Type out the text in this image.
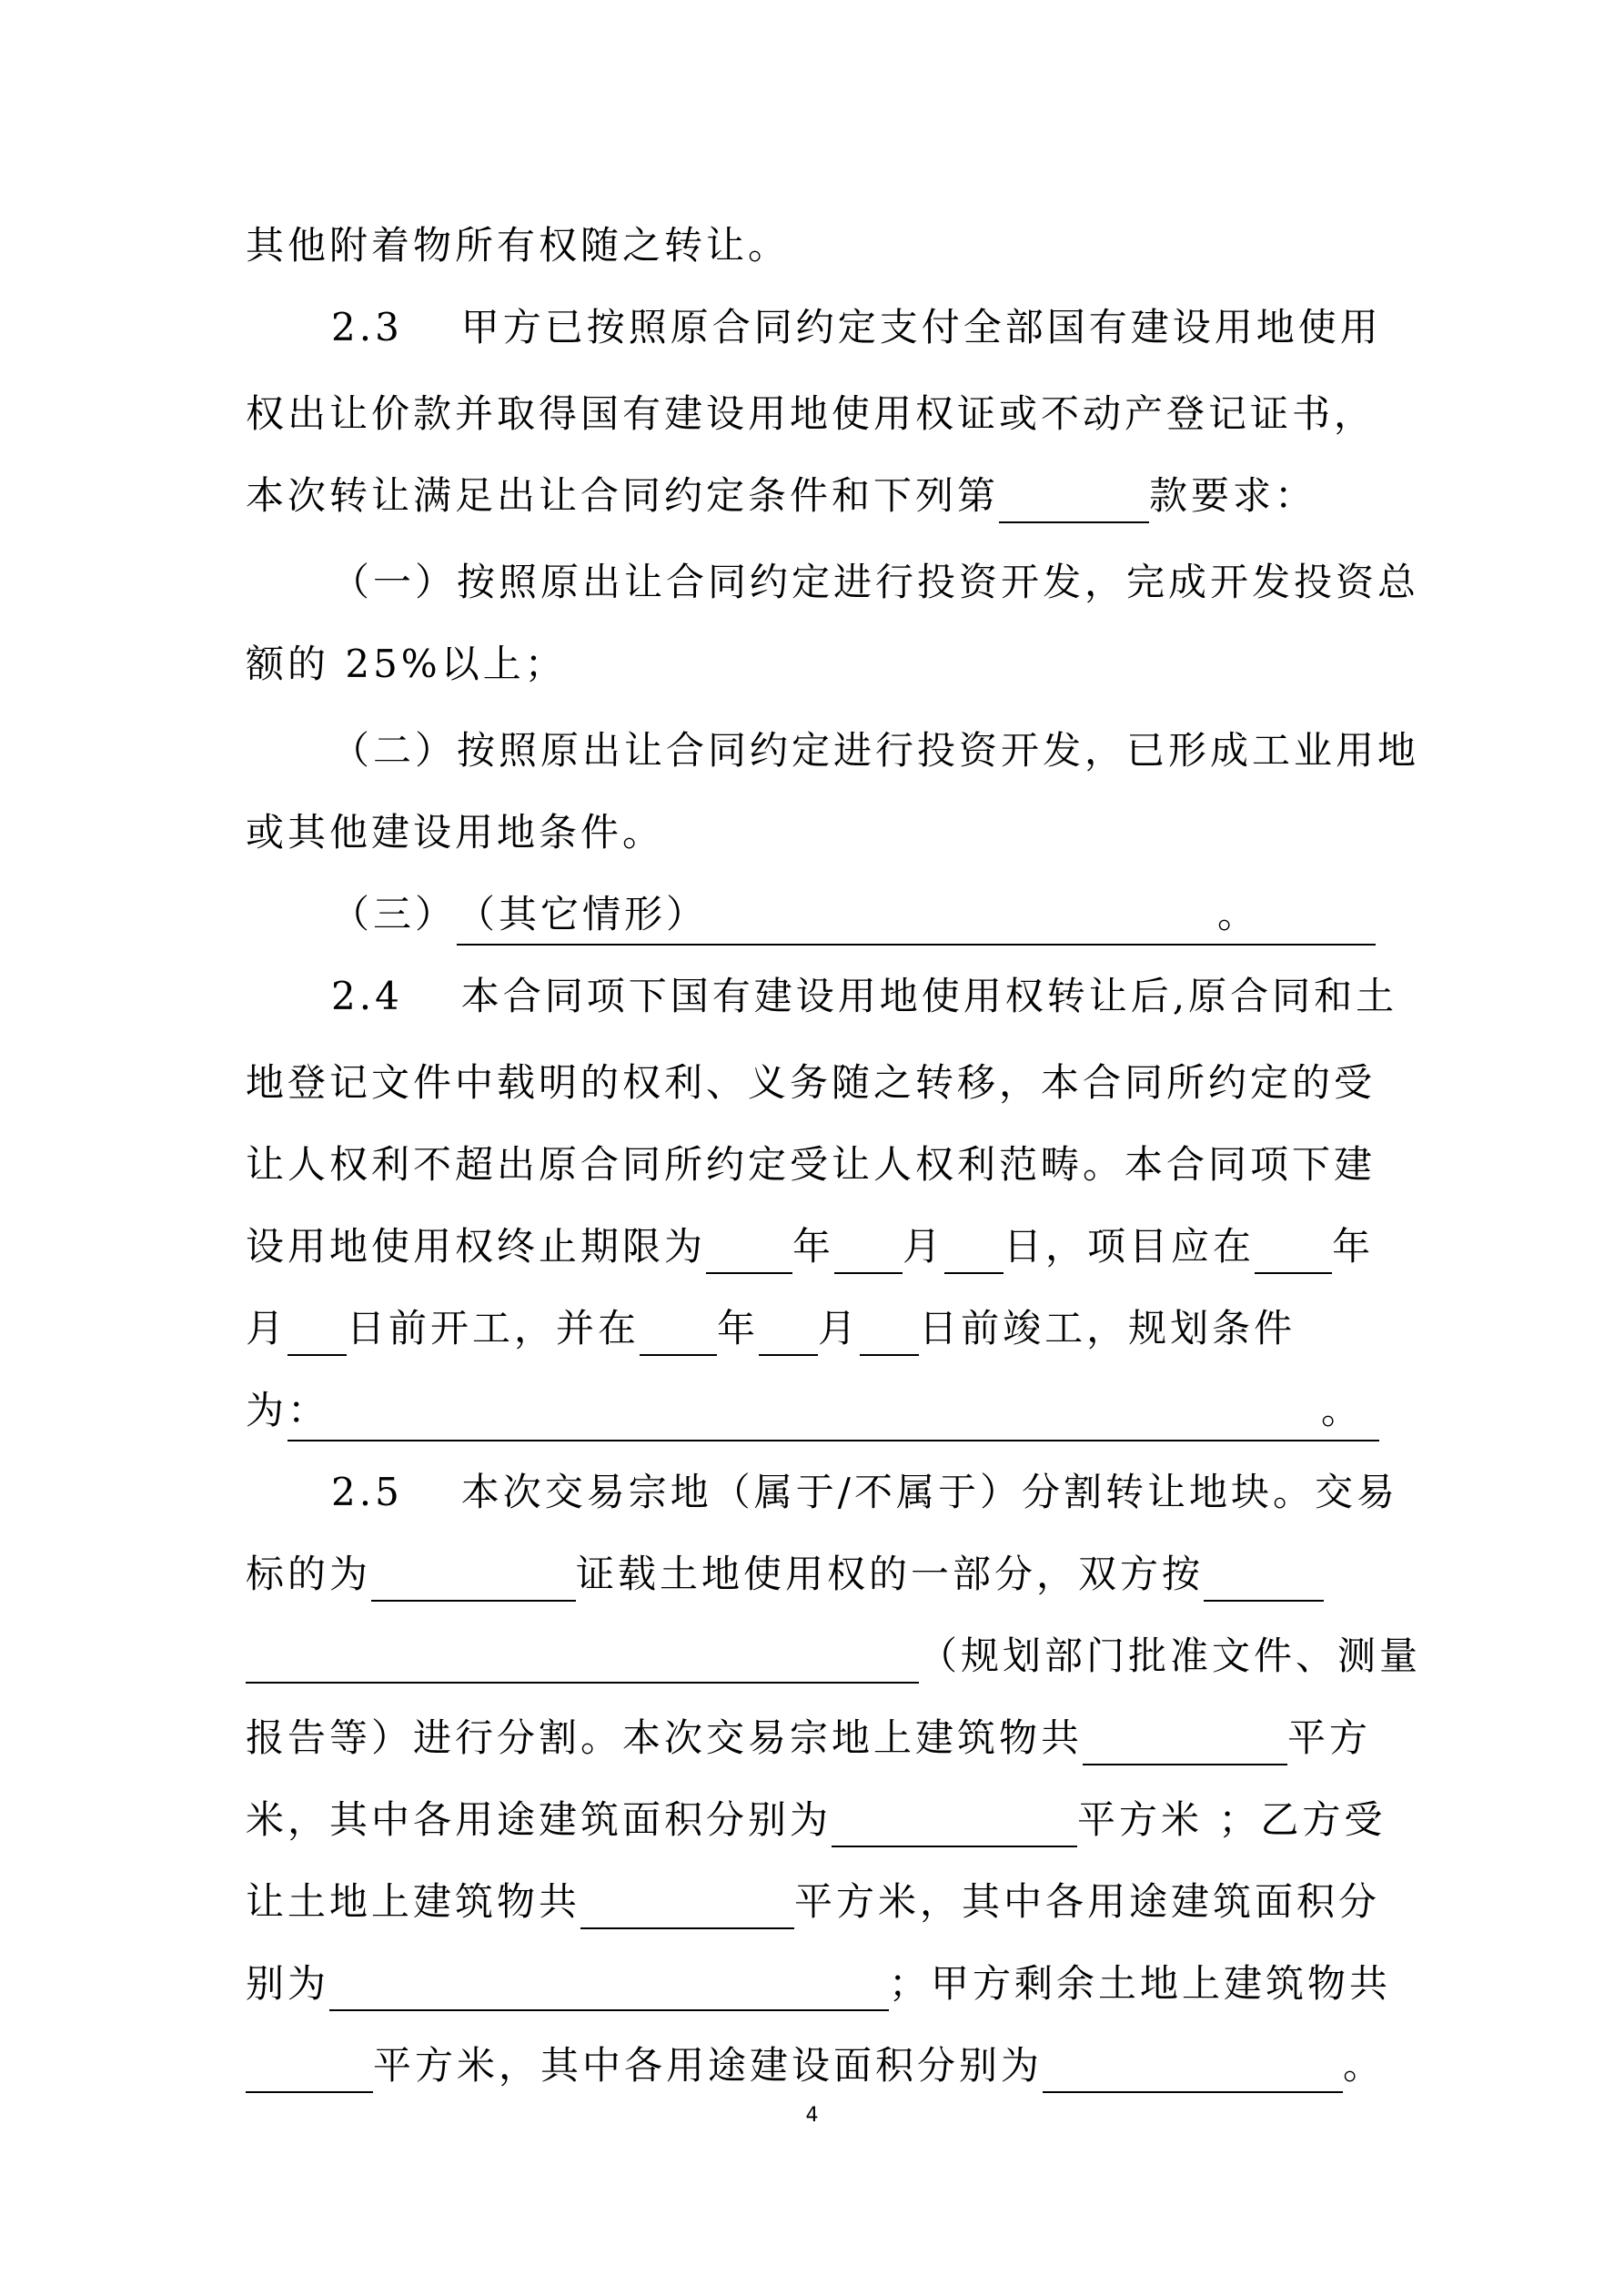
其他附着物所有权随之转让。
2.3 甲方已按照原合同约定支付全部国有建设用地使用
权出让价款并取得国有建设用地使用权证或不动产登记证书，
本次转让满足出让合同约定条件和下列第	款要求：
（一）按照原出让合同约定进行投资开发，完成开发投资总
额的 25%以上；
（二）按照原出让合同约定进行投资开发，已形成工业用地
或其他建设用地条件。
（三）（其它情形）	。
2.4 本合同项下国有建设用地使用权转让后,原合同和土
地登记文件中载明的权利、义务随之转移，本合同所约定的受
让人权利不超出原合同所约定受让人权利范畴。本合同项下建
设用地使用权终止期限为 年 月 日，项目应在 年
月 日前开工，并在 年 月 日前竣工，规划条件
为：	。
2.5 本次交易宗地（属于/不属于）分割转让地块。交易
标的为	证载土地使用权的一部分，双方按
（规划部门批准文件、测量
报告等）进行分割。本次交易宗地上建筑物共	平方
米，其中各用途建筑面积分别为	平方米 ；乙方受
让土地上建筑物共	平方米，其中各用途建筑面积分
别为	；甲方剩余土地上建筑物共
平方米，其中各用途建设面积分别为	。
4
